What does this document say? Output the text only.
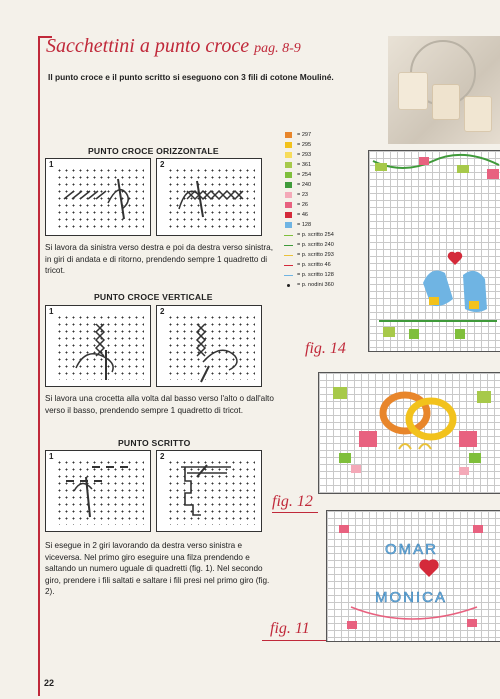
Sacchettini a punto croce pag. 8-9
Il punto croce e il punto scritto si eseguono con 3 fili di cotone Mouliné.
PUNTO CROCE ORIZZONTALE
1	2
Si lavora da sinistra verso destra e poi da destra verso sinistra, in giri di andata e di ritorno, prendendo sempre 1 quadretto di tricot.
PUNTO CROCE VERTICALE
1	2
Si lavora una crocetta alla volta dal basso verso l'alto o dall'alto verso il basso, prendendo sempre 1 quadretto di tricot.
PUNTO SCRITTO
1	2
Si esegue in 2 giri lavorando da destra verso sinistra e viceversa. Nel primo giro eseguire una filza prendendo e saltando un numero uguale di quadretti (fig. 1). Nel secondo giro, prendere i fili saltati e saltare i fili presi nel primo giro (fig. 2).
= 297
= 295
= 293
= 361
= 254
= 240
= 23
= 26
= 46
= 128
= p. scritto 254
= p. scritto 240
= p. scritto 293
= p. scritto 46
= p. scritto 128
= p. nodini 360
fig. 14
fig. 12
OMAR
MONICA
fig. 11
22
